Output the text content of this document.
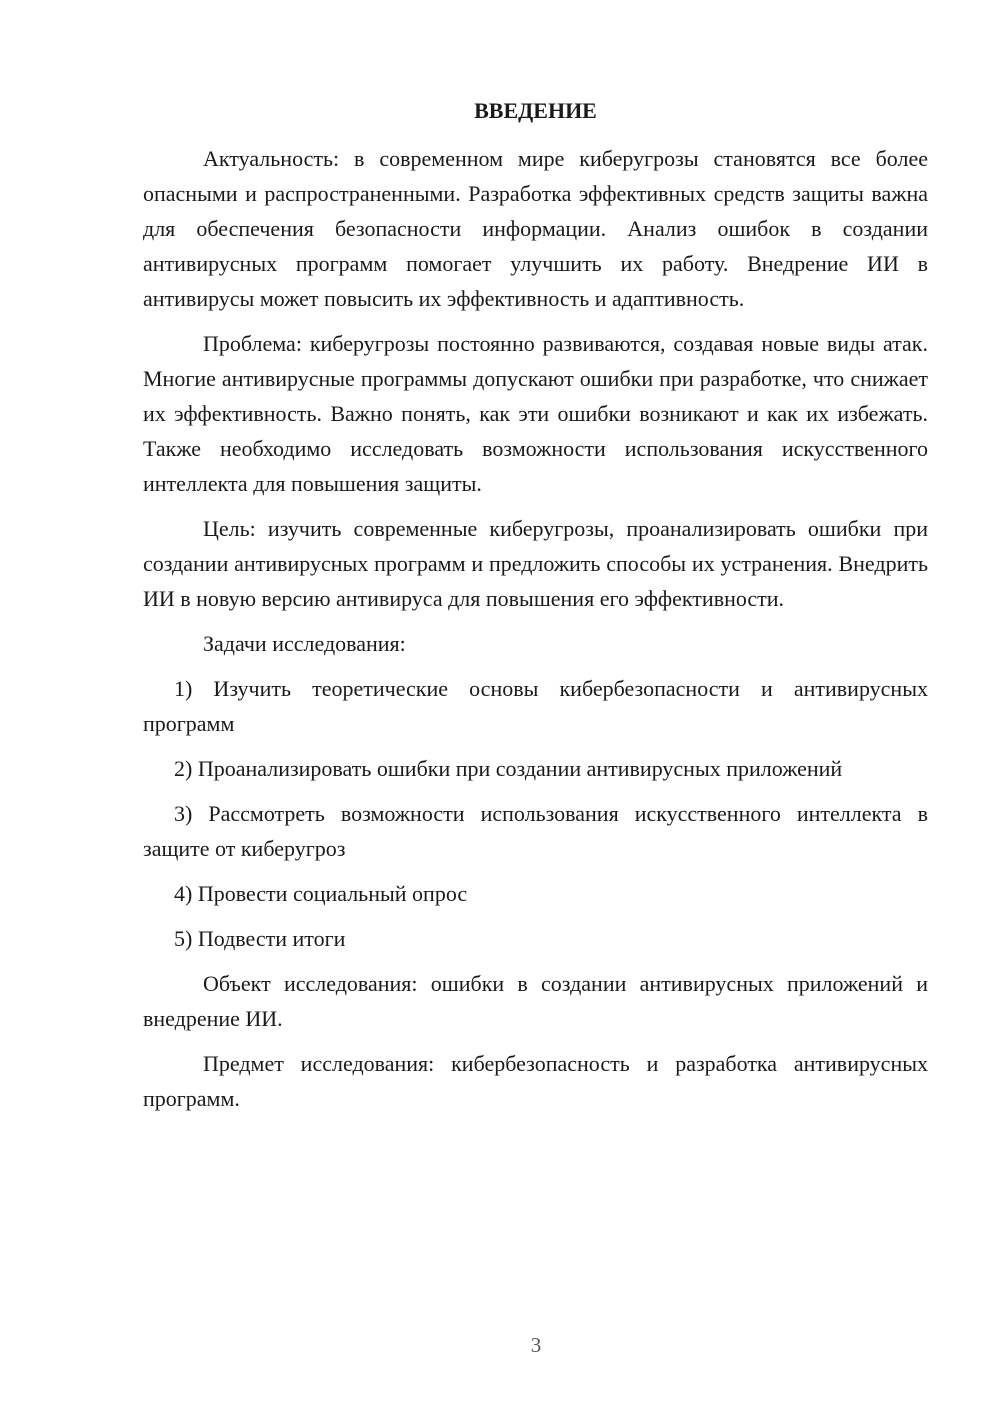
ВВЕДЕНИЕ

Актуальность: в современном мире киберугрозы становятся все более опасными и распространенными. Разработка эффективных средств защиты важна для обеспечения безопасности информации. Анализ ошибок в создании антивирусных программ помогает улучшить их работу. Внедрение ИИ в антивирусы может повысить их эффективность и адаптивность.

Проблема: киберугрозы постоянно развиваются, создавая новые виды атак. Многие антивирусные программы допускают ошибки при разработке, что снижает их эффективность. Важно понять, как эти ошибки возникают и как их избежать. Также необходимо исследовать возможности использования искусственного интеллекта для повышения защиты.

Цель: изучить современные киберугрозы, проанализировать ошибки при создании антивирусных программ и предложить способы их устранения. Внедрить ИИ в новую версию антивируса для повышения его эффективности.

Задачи исследования:

1) Изучить теоретические основы кибербезопасности и антивирусных программ

2) Проанализировать ошибки при создании антивирусных приложений

3) Рассмотреть возможности использования искусственного интеллекта в защите от киберугроз

4) Провести социальный опрос

5) Подвести итоги

Объект исследования: ошибки в создании антивирусных приложений и внедрение ИИ.

Предмет исследования: кибербезопасность и разработка антивирусных программ.

3
